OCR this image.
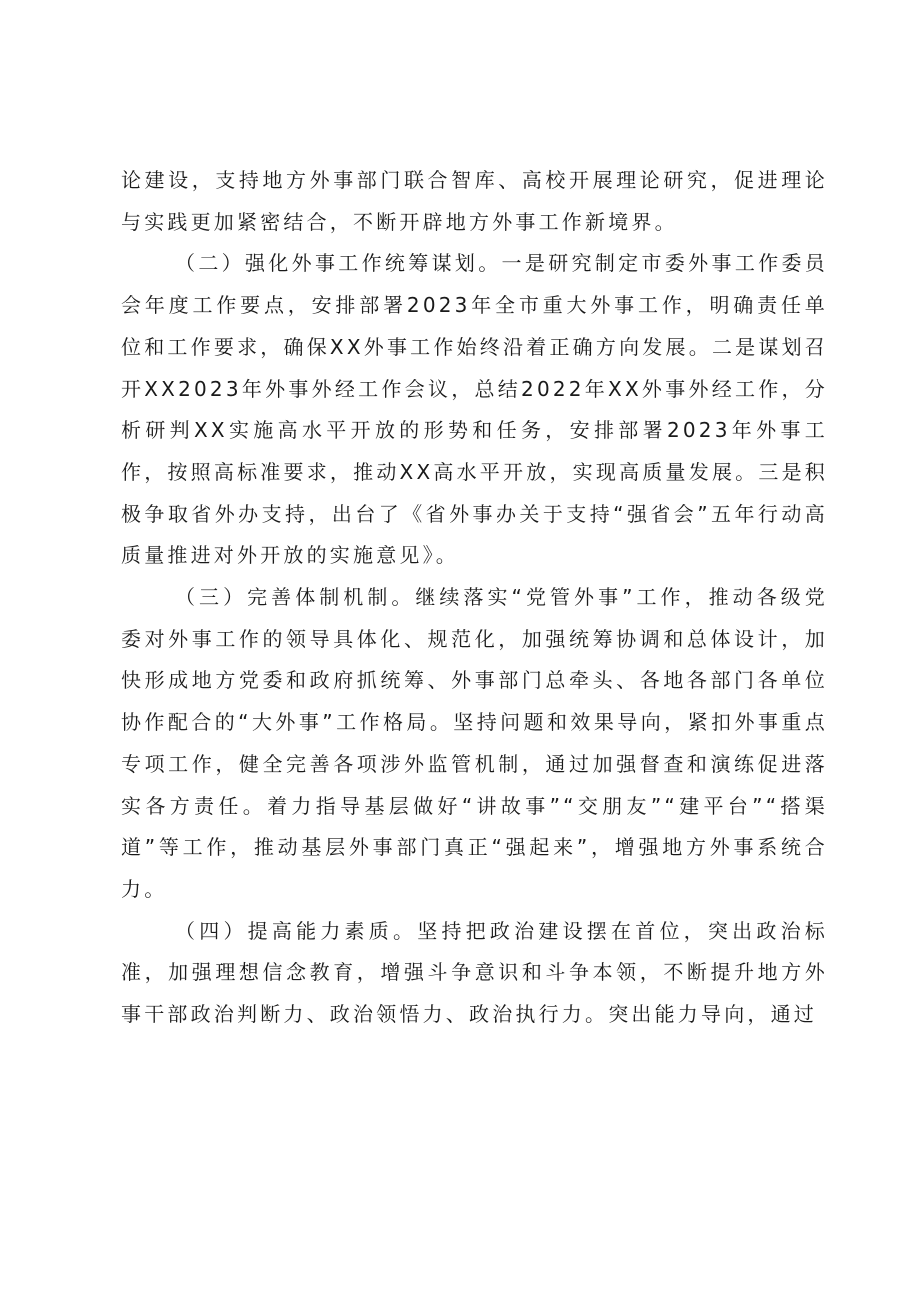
论建设，支持地方外事部门联合智库、高校开展理论研究，促进理论与实践更加紧密结合，不断开辟地方外事工作新境界。

（二）强化外事工作统筹谋划。一是研究制定市委外事工作委员会年度工作要点，安排部署2023年全市重大外事工作，明确责任单位和工作要求，确保XX外事工作始终沿着正确方向发展。二是谋划召开XX2023年外事外经工作会议，总结2022年XX外事外经工作，分析研判XX实施高水平开放的形势和任务，安排部署2023年外事工作，按照高标准要求，推动XX高水平开放，实现高质量发展。三是积极争取省外办支持，出台了《省外事办关于支持“强省会”五年行动高质量推进对外开放的实施意见》。

（三）完善体制机制。继续落实“党管外事”工作，推动各级党委对外事工作的领导具体化、规范化，加强统筹协调和总体设计，加快形成地方党委和政府抓统筹、外事部门总牵头、各地各部门各单位协作配合的“大外事”工作格局。坚持问题和效果导向，紧扣外事重点专项工作，健全完善各项涉外监管机制，通过加强督查和演练促进落实各方责任。着力指导基层做好“讲故事”“交朋友”“建平台”“搭渠道”等工作，推动基层外事部门真正“强起来”，增强地方外事系统合力。

（四）提高能力素质。坚持把政治建设摆在首位，突出政治标准，加强理想信念教育，增强斗争意识和斗争本领，不断提升地方外事干部政治判断力、政治领悟力、政治执行力。突出能力导向，通过
